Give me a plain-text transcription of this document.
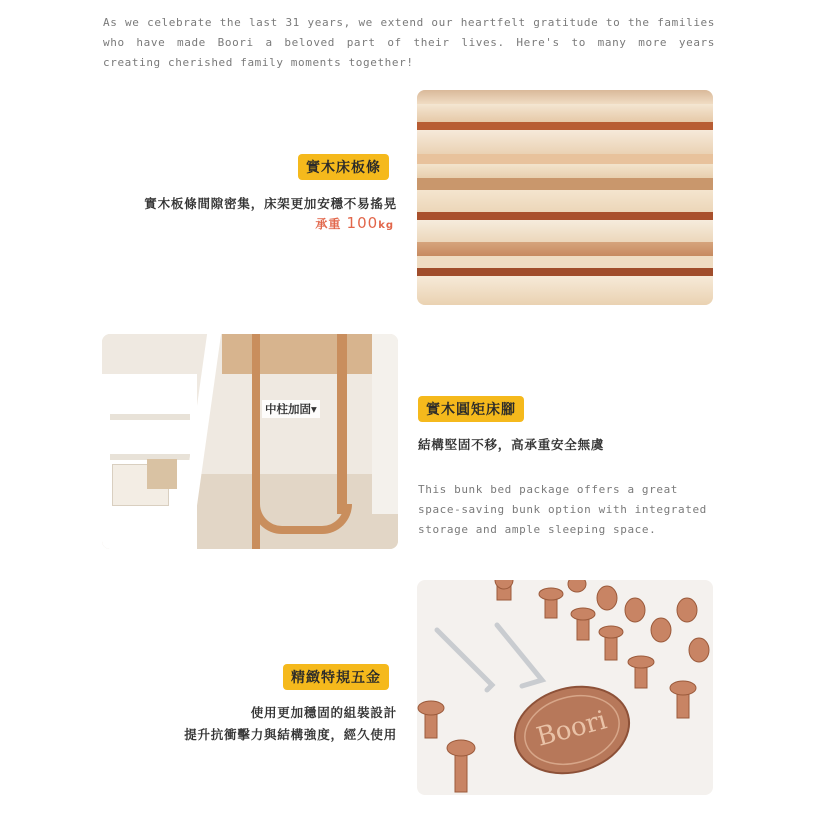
As we celebrate the last 31 years, we extend our heartfelt gratitude to the families who have made Boori a beloved part of their lives. Here's to many more years creating cherished family moments together!

實木床板條
實木板條間隙密集，床架更加安穩不易搖晃
承重 100kg
中柱加固▾	實木圓矩床腳
結構堅固不移，高承重安全無虞

This bunk bed package offers a great space-saving bunk option with integrated storage and ample sleeping space.

Boori
精緻特規五金
使用更加穩固的組裝設計
提升抗衝擊力與結構強度，經久使用
